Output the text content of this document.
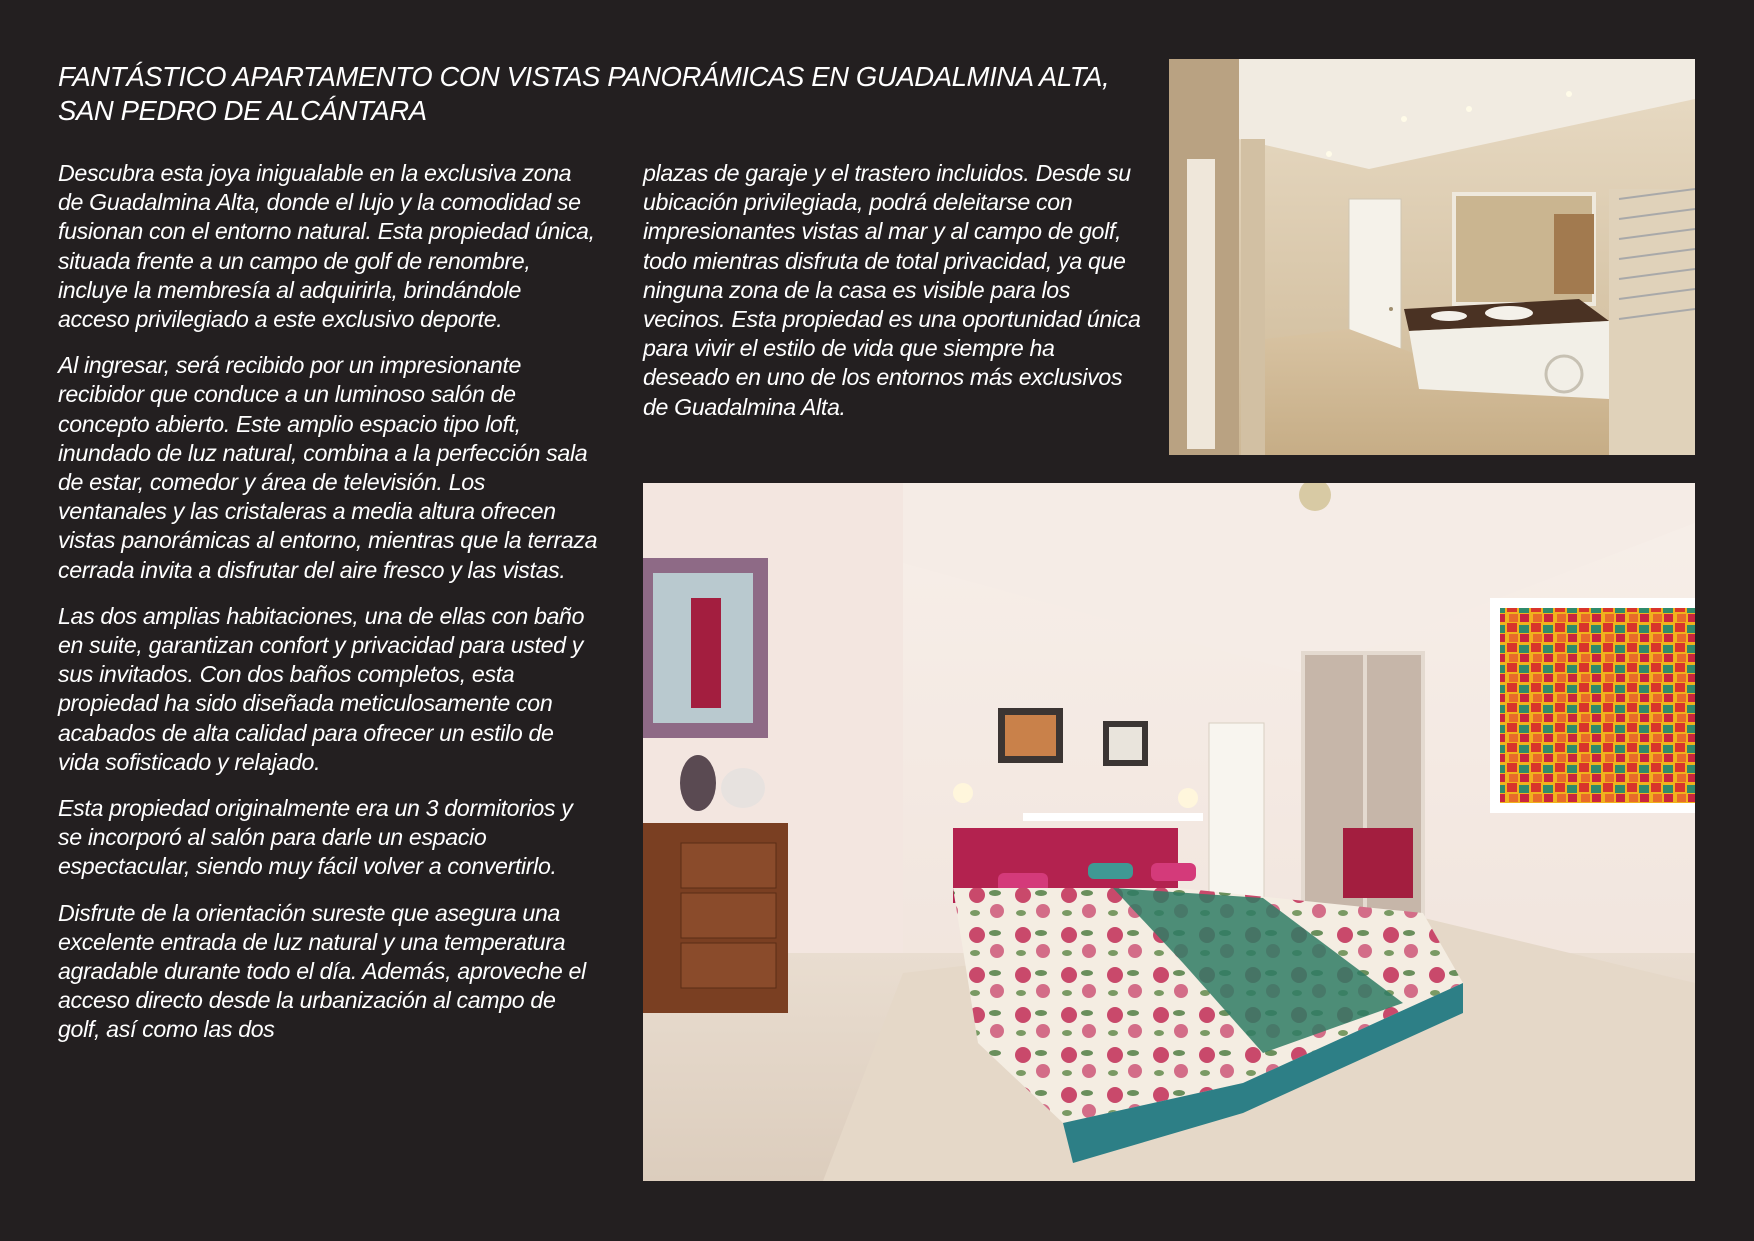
FANTÁSTICO APARTAMENTO CON VISTAS PANORÁMICAS EN GUADALMINA ALTA, SAN PEDRO DE ALCÁNTARA

Descubra esta joya inigualable en la exclusiva zona de Guadalmina Alta, donde el lujo y la comodidad se fusionan con el entorno natural. Esta propiedad única, situada frente a un campo de golf de renombre, incluye la membresía al adquirirla, brindándole acceso privilegiado a este exclusivo deporte.

Al ingresar, será recibido por un impresionante recibidor que conduce a un luminoso salón de concepto abierto. Este amplio espacio tipo loft, inundado de luz natural, combina a la perfección sala de estar, comedor y área de televisión. Los ventanales y las cristaleras a media altura ofrecen vistas panorámicas al entorno, mientras que la terraza cerrada invita a disfrutar del aire fresco y las vistas.

Las dos amplias habitaciones, una de ellas con baño en suite, garantizan confort y privacidad para usted y sus invitados. Con dos baños completos, esta propiedad ha sido diseñada meticulosamente con acabados de alta calidad para ofrecer un estilo de vida sofisticado y relajado.

Esta propiedad originalmente era un 3 dormitorios y se incorporó al salón para darle un espacio espectacular, siendo muy fácil volver a convertirlo.

Disfrute de la orientación sureste que asegura una excelente entrada de luz natural y una temperatura agradable durante todo el día. Además, aproveche el acceso directo desde la urbanización al campo de golf, así como las dos

plazas de garaje y el trastero incluidos. Desde su ubicación privilegiada, podrá deleitarse con impresionantes vistas al mar y al campo de golf, todo mientras disfruta de total privacidad, ya que ninguna zona de la casa es visible para los vecinos. Esta propiedad es una oportunidad única para vivir el estilo de vida que siempre ha deseado en uno de los entornos más exclusivos de Guadalmina Alta.
